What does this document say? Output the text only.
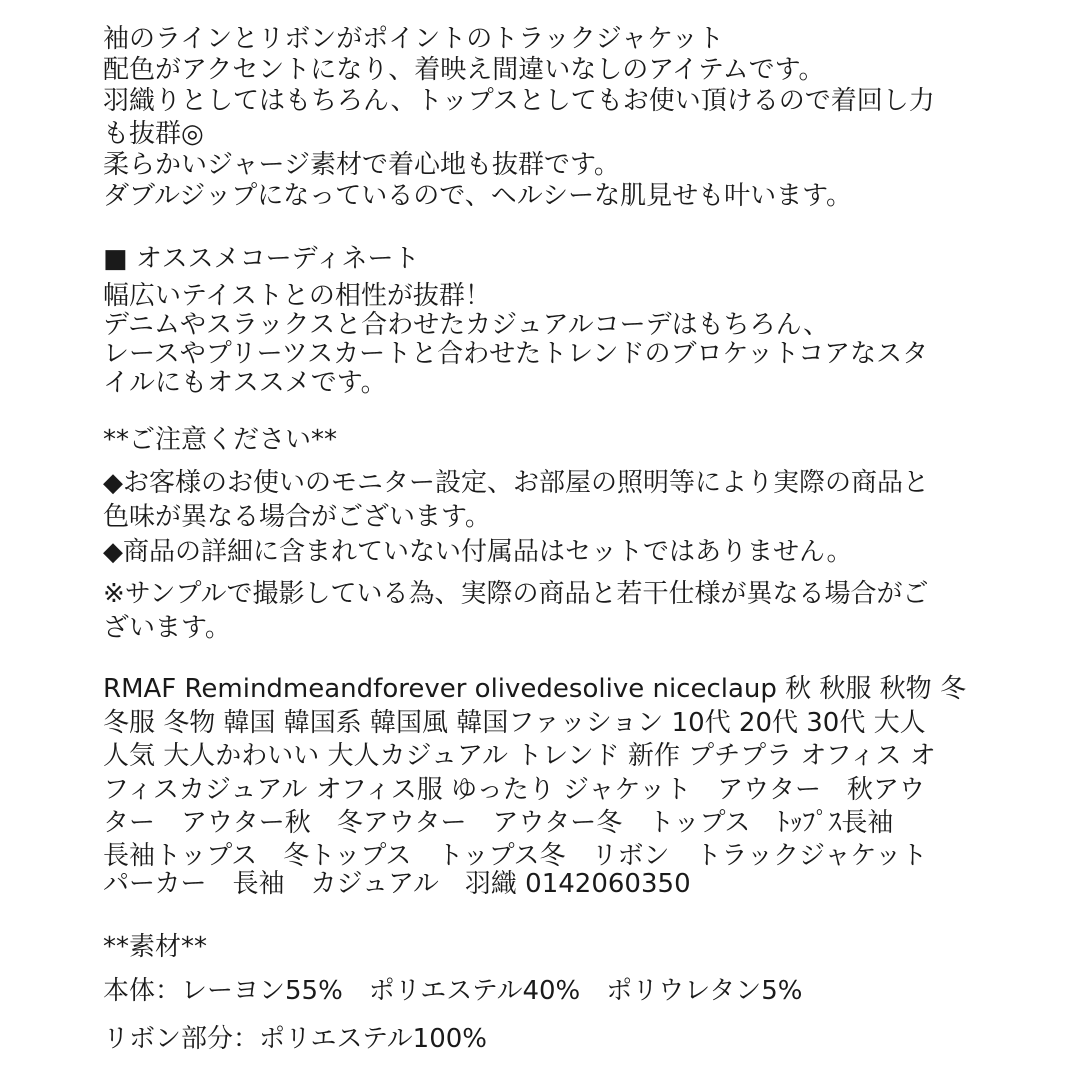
袖のラインとリボンがポイントのトラックジャケット
配色がアクセントになり、着映え間違いなしのアイテムです。
羽織りとしてはもちろん、トップスとしてもお使い頂けるので着回し力
も抜群◎
柔らかいジャージ素材で着心地も抜群です。
ダブルジップになっているので、ヘルシーな肌見せも叶います。
■ オススメコーディネート
幅広いテイストとの相性が抜群！
デニムやスラックスと合わせたカジュアルコーデはもちろん、
レースやプリーツスカートと合わせたトレンドのブロケットコアなスタ
イルにもオススメです。
**ご注意ください**
◆お客様のお使いのモニター設定、お部屋の照明等により実際の商品と
色味が異なる場合がございます。
◆商品の詳細に含まれていない付属品はセットではありません。
※サンプルで撮影している為、実際の商品と若干仕様が異なる場合がご
ざいます。
RMAF Remindmeandforever olivedesolive niceclaup 秋 秋服 秋物 冬
冬服 冬物 韓国 韓国系 韓国風 韓国ファッション 10代 20代 30代 大人
人気 大人かわいい 大人カジュアル トレンド 新作 プチプラ オフィス オ
フィスカジュアル オフィス服 ゆったり ジャケット　アウター　秋アウ
ター　アウター秋　冬アウター　アウター冬　トップス　ﾄｯﾌﾟｽ長袖
長袖トップス　冬トップス　トップス冬　リボン　トラックジャケット
パーカー　長袖　カジュアル　羽織 0142060350
**素材**
本体：レーヨン55%　ポリエステル40%　ポリウレタン5%
リボン部分：ポリエステル100%
